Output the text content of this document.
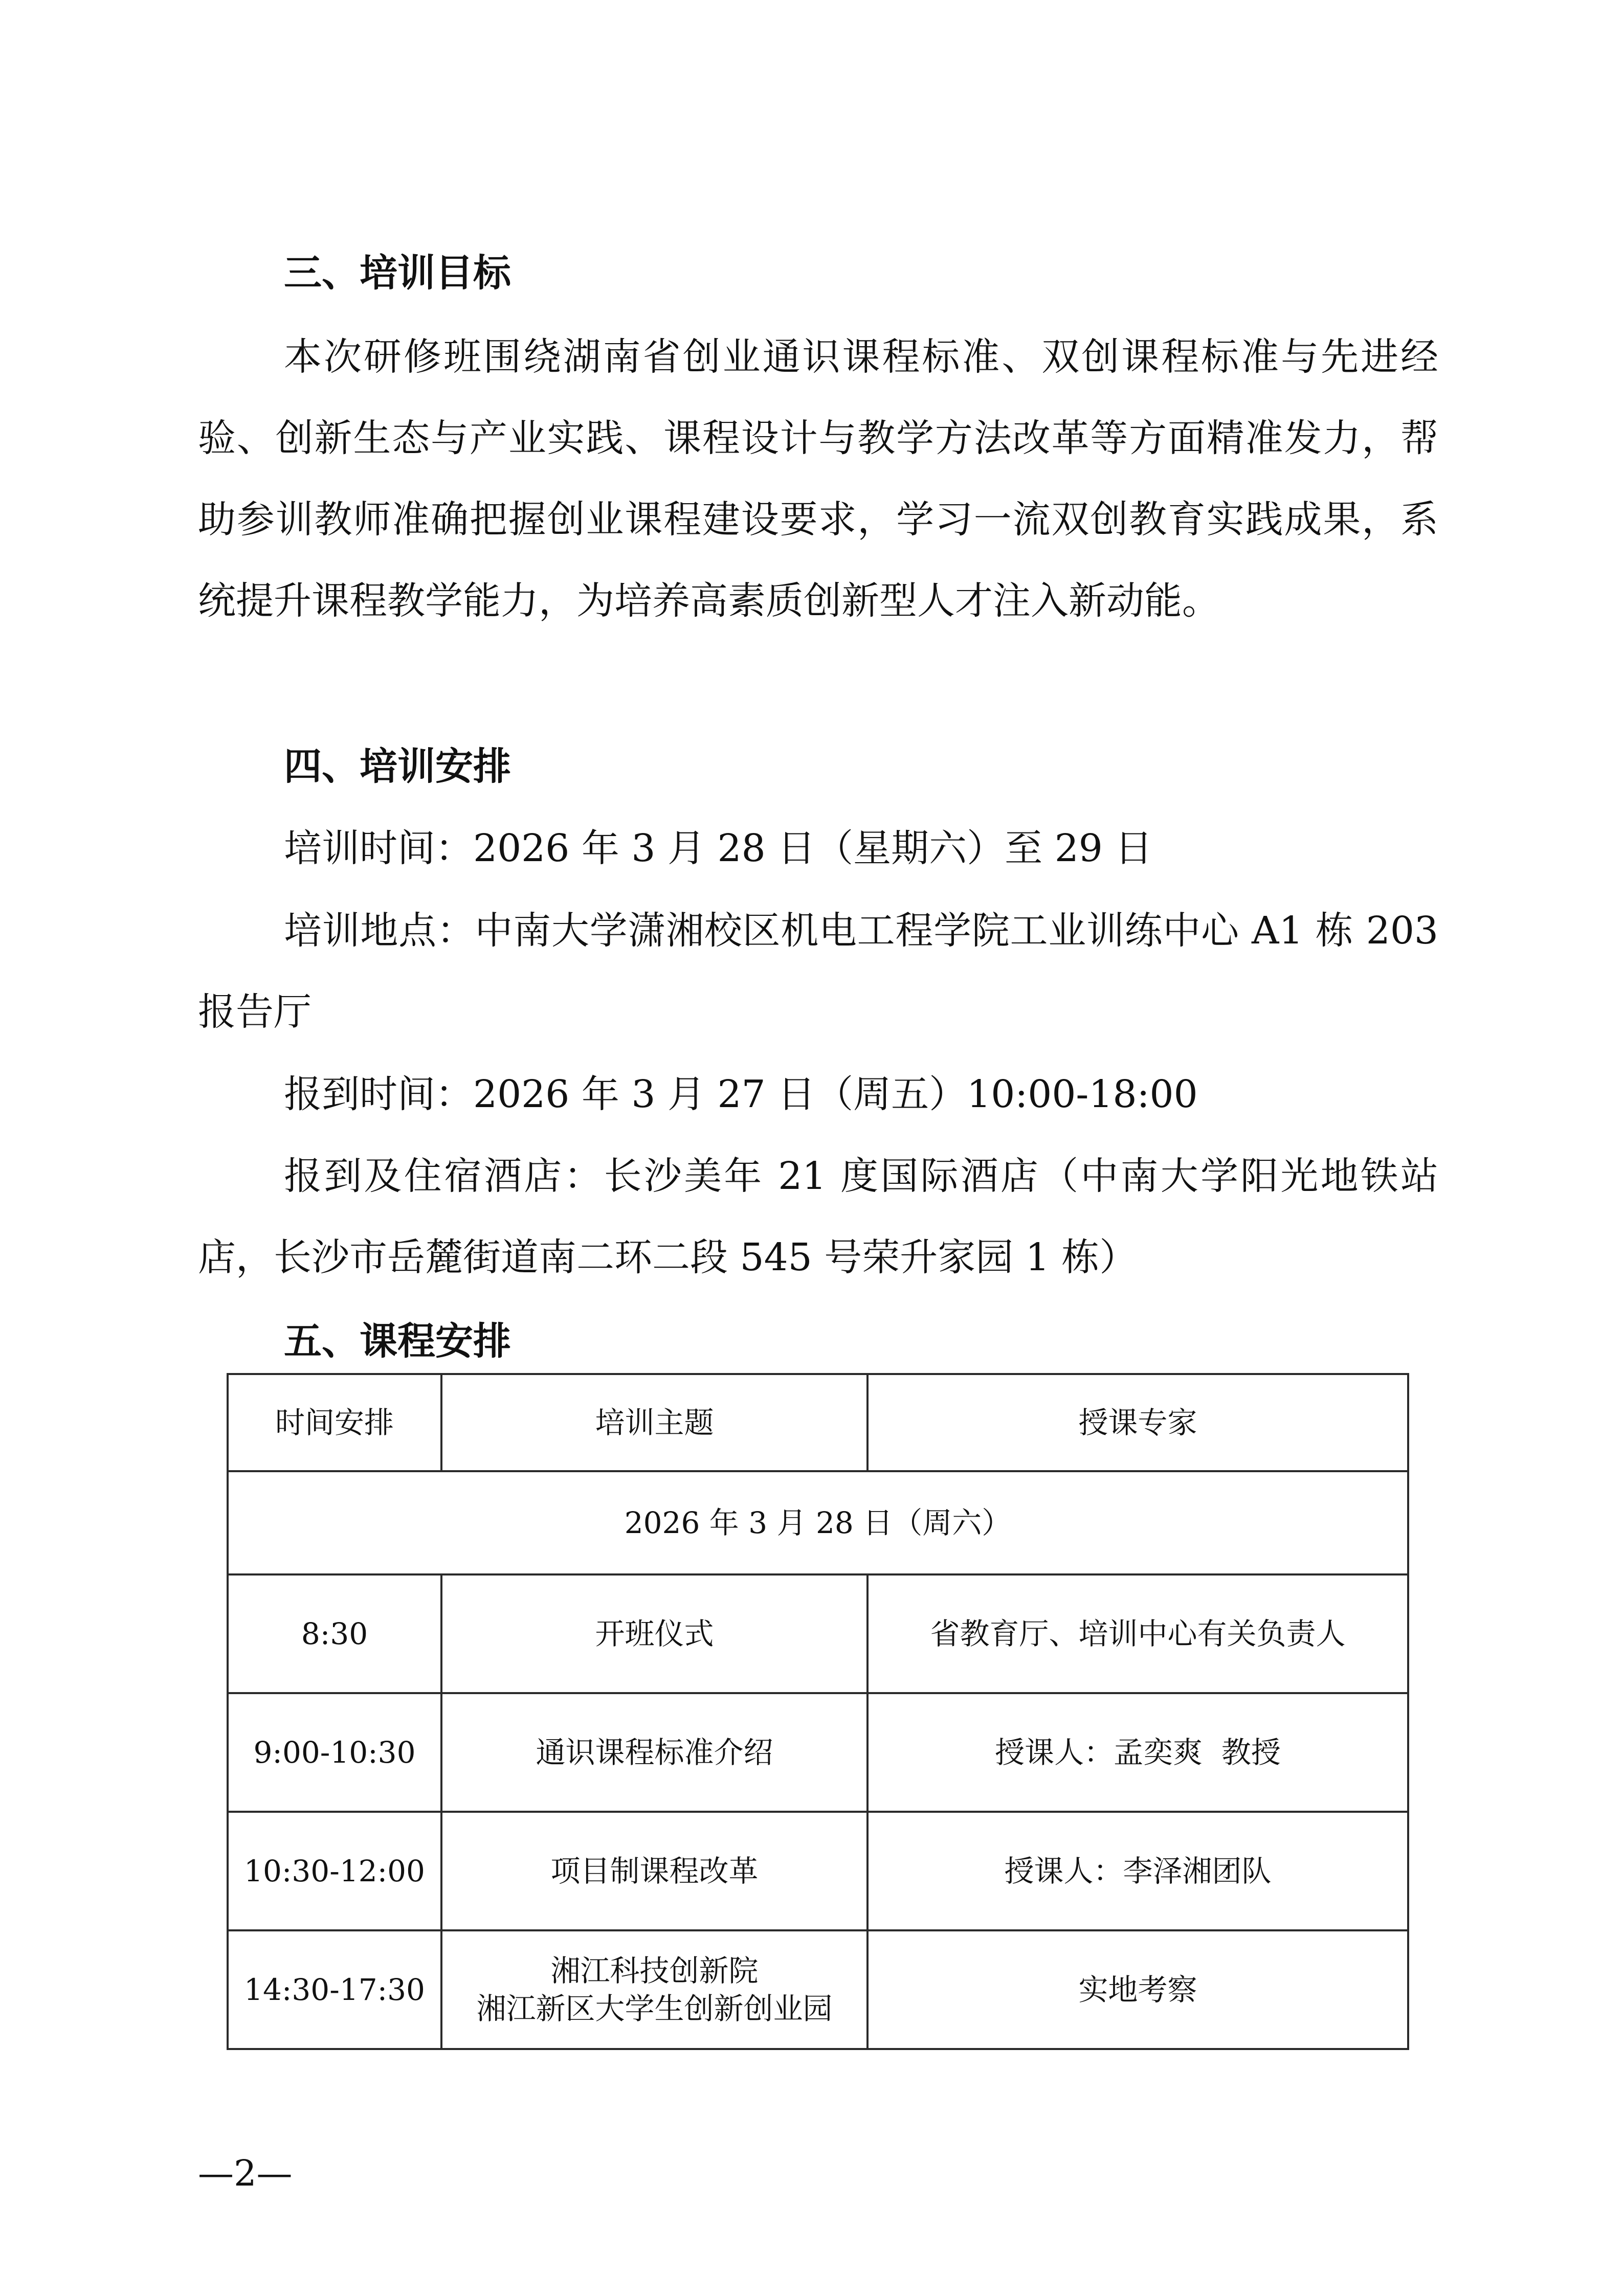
三、培训目标

本次研修班围绕湖南省创业通识课程标准、双创课程标准与先进经验、创新生态与产业实践、课程设计与教学方法改革等方面精准发力，帮助参训教师准确把握创业课程建设要求，学习一流双创教育实践成果，系统提升课程教学能力，为培养高素质创新型人才注入新动能。

四、培训安排

培训时间：2026 年 3 月 28 日（星期六）至 29 日

培训地点：中南大学潇湘校区机电工程学院工业训练中心 A1 栋 203 报告厅

报到时间：2026 年 3 月 27 日（周五）10:00-18:00

报到及住宿酒店：长沙美年 21 度国际酒店（中南大学阳光地铁站店，长沙市岳麓街道南二环二段 545 号荣升家园 1 栋）

五、课程安排
时间安排	培训主题	授课专家
2026 年 3 月 28 日（周六）		
8:30	开班仪式	省教育厅、培训中心有关负责人
9:00-10:30	通识课程标准介绍	授课人：孟奕爽  教授
10:30-12:00	项目制课程改革	授课人：李泽湘团队
14:30-17:30	湘江科技创新院
湘江新区大学生创新创业园	实地考察

—2—
